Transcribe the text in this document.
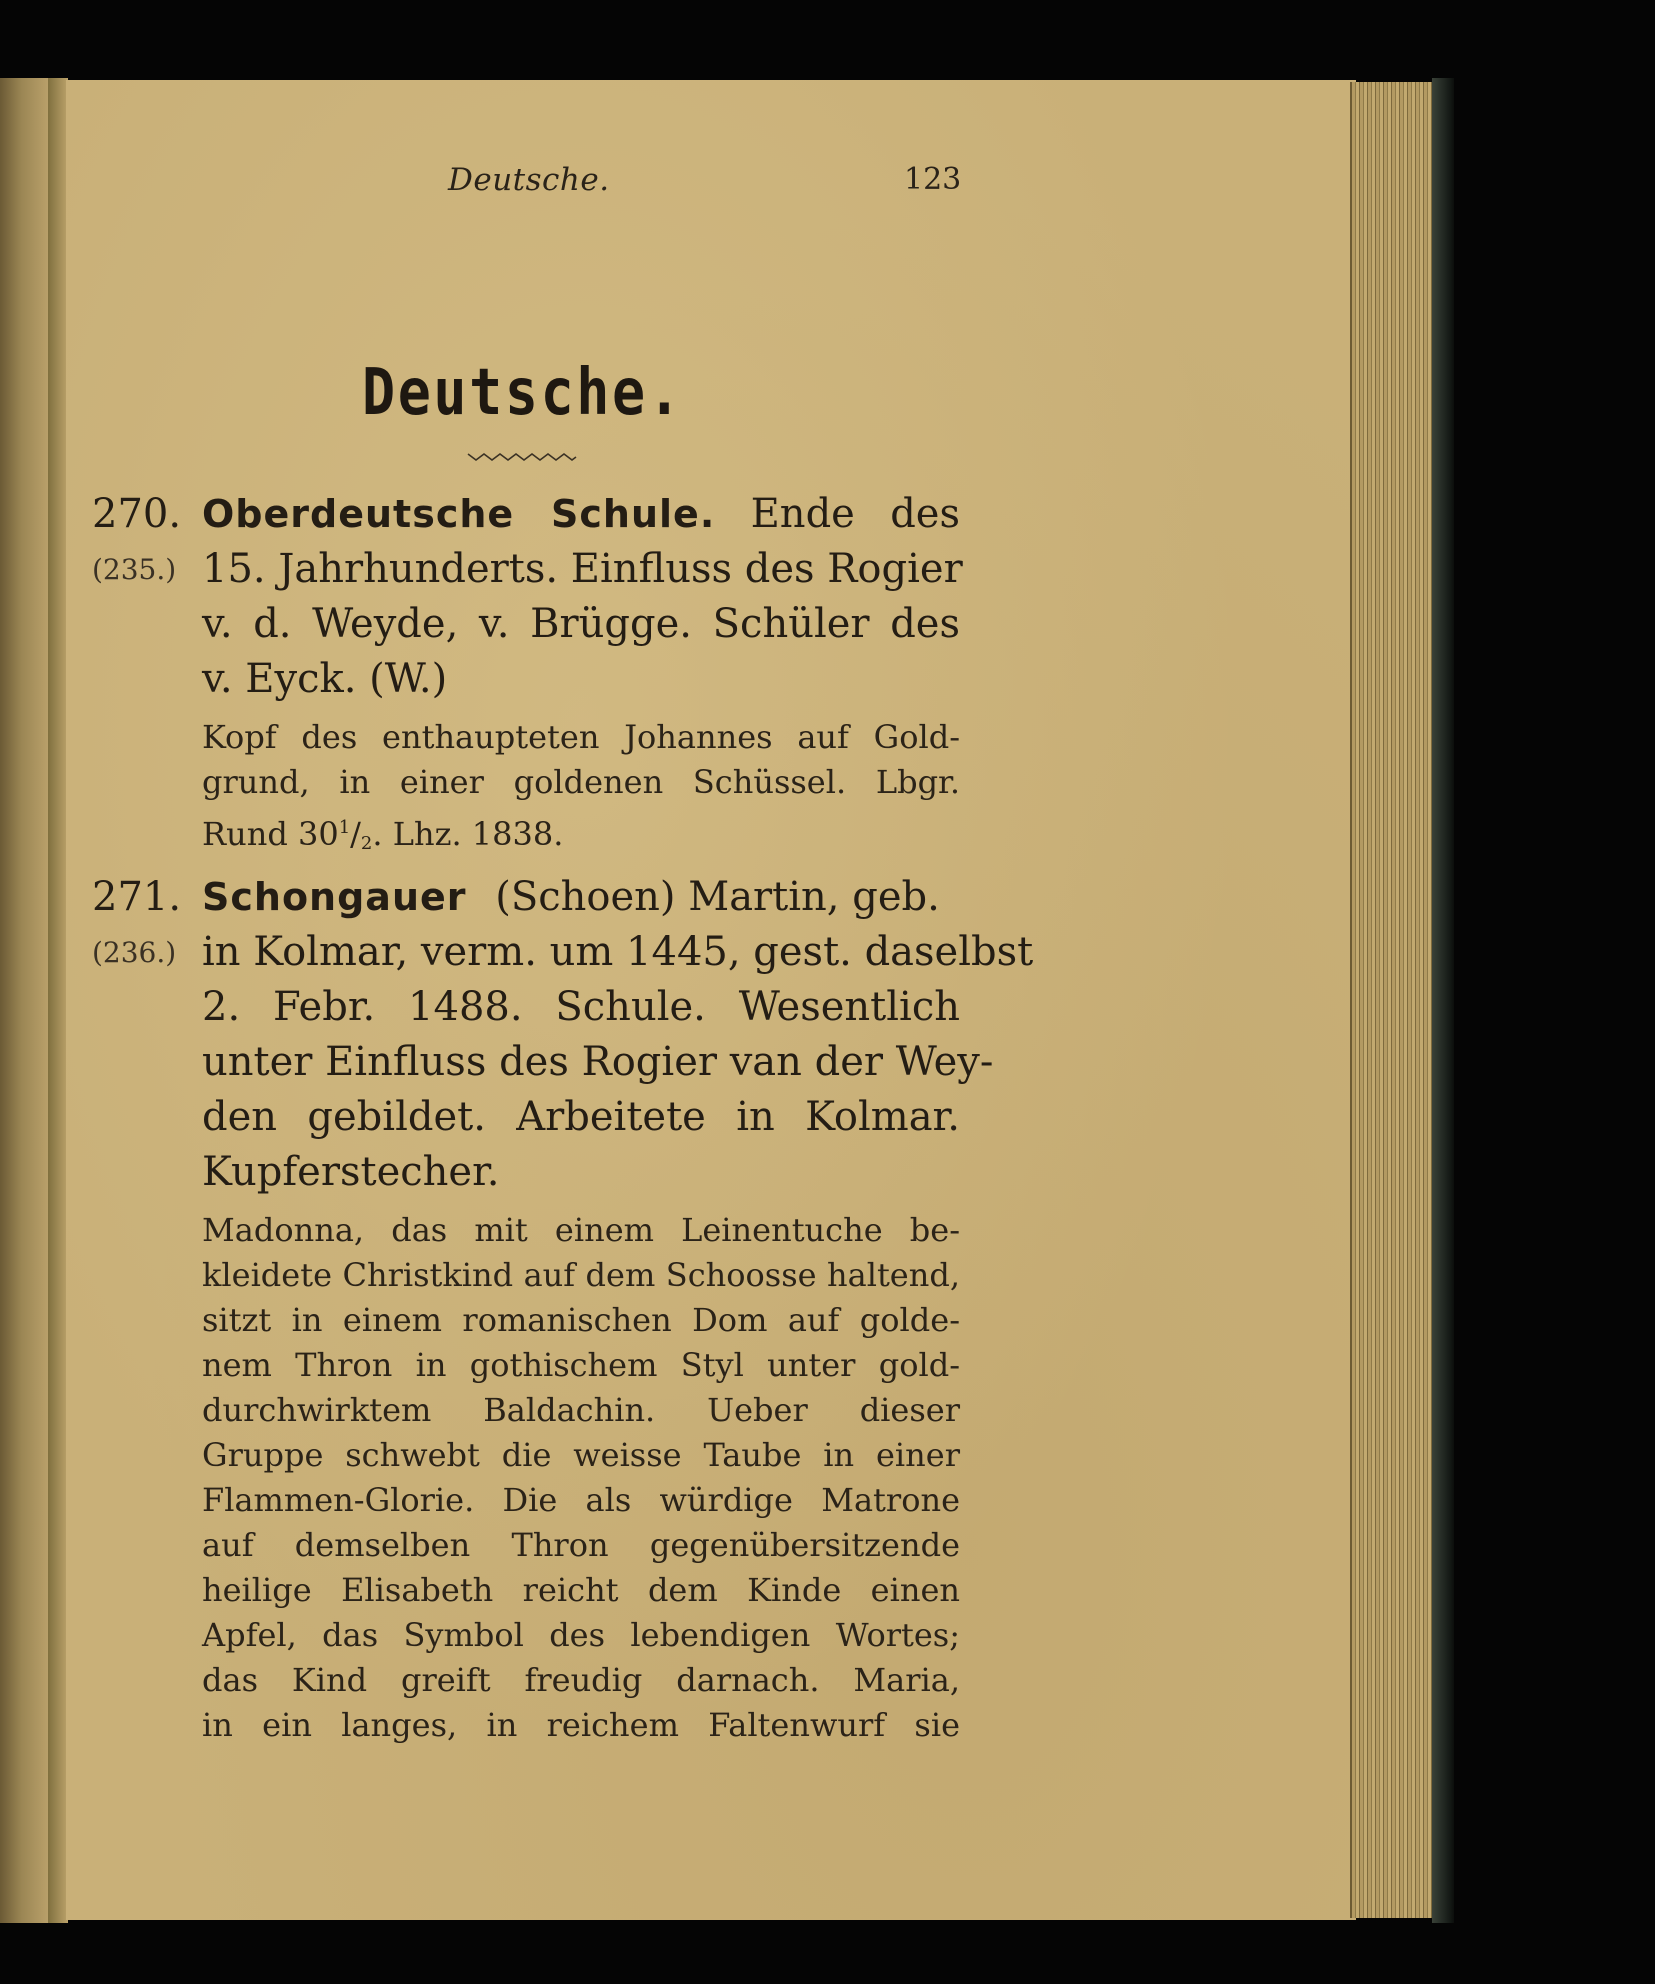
Deutsche.	123
Deutsche.
270.
(235.)
Oberdeutsche Schule. Ende des
15. Jahrhunderts. Einfluss des Rogier
v. d. Weyde, v. Brügge. Schüler des
v. Eyck. (W.)
Kopf des enthaupteten Johannes auf Gold-
grund, in einer goldenen Schüssel. Lbgr.
Rund $30^1/_2$. Lhz. 1838.
271.
(236.)
Schongauer (Schoen) Martin, geb.
in Kolmar, verm. um 1445, gest. daselbst
2. Febr. 1488. Schule. Wesentlich
unter Einfluss des Rogier van der Wey-
den gebildet. Arbeitete in Kolmar.
Kupferstecher.
Madonna, das mit einem Leinentuche be-
kleidete Christkind auf dem Schoosse haltend,
sitzt in einem romanischen Dom auf golde-
nem Thron in gothischem Styl unter gold-
durchwirktem Baldachin. Ueber dieser
Gruppe schwebt die weisse Taube in einer
Flammen-Glorie. Die als würdige Matrone
auf demselben Thron gegenübersitzende
heilige Elisabeth reicht dem Kinde einen
Apfel, das Symbol des lebendigen Wortes;
das Kind greift freudig darnach. Maria,
in ein langes, in reichem Faltenwurf sie
